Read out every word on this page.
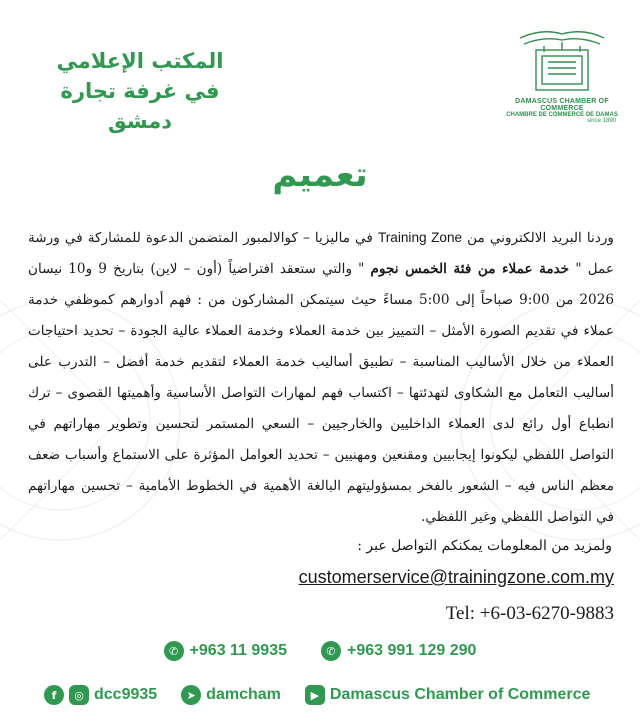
DAMASCUS CHAMBER OF COMMERCE
CHAMBRE DE COMMERCE DE DAMAS
since 1890
المكتب الإعلامي
في غرفة تجارة دمشق
تعميم

وردنا البريد الالكتروني من Training Zone في ماليزيا – كوالالمبور المتضمن الدعوة للمشاركة في ورشة عمل " خدمة عملاء من فئة الخمس نجوم " والتي ستعقد افتراضياً (أون – لاين) بتاريخ 9 و10 نيسان 2026 من 9:00 صباحاً إلى 5:00 مساءً حيث سيتمكن المشاركون من : فهم أدوارهم كموظفي خدمة عملاء في تقديم الصورة الأمثل – التمييز بين خدمة العملاء وخدمة العملاء عالية الجودة – تحديد احتياجات العملاء من خلال الأساليب المناسبة – تطبيق أساليب خدمة العملاء لتقديم خدمة أفضل – التدرب على أساليب التعامل مع الشكاوى لتهدئتها – اكتساب فهم لمهارات التواصل الأساسية وأهميتها القصوى – ترك انطباع أول رائع لدى العملاء الداخليين والخارجيين – السعي المستمر لتحسين وتطوير مهاراتهم في التواصل اللفظي ليكونوا إيجابيين ومقنعين ومهنيين – تحديد العوامل المؤثرة على الاستماع وأسباب ضعف معظم الناس فيه – الشعور بالفخر بمسؤوليتهم البالغة الأهمية في الخطوط الأمامية – تحسين مهاراتهم في التواصل اللفظي وغير اللفظي.

ولمزيد من المعلومات يمكنكم التواصل عبر :
customerservice@trainingzone.com.my
Tel: +6-03-6270-9883
✆ +963 11 9935	✆ +963 991 129 290
f	◎ dcc9935	➤ damcham	▶ Damascus Chamber of Commerce
